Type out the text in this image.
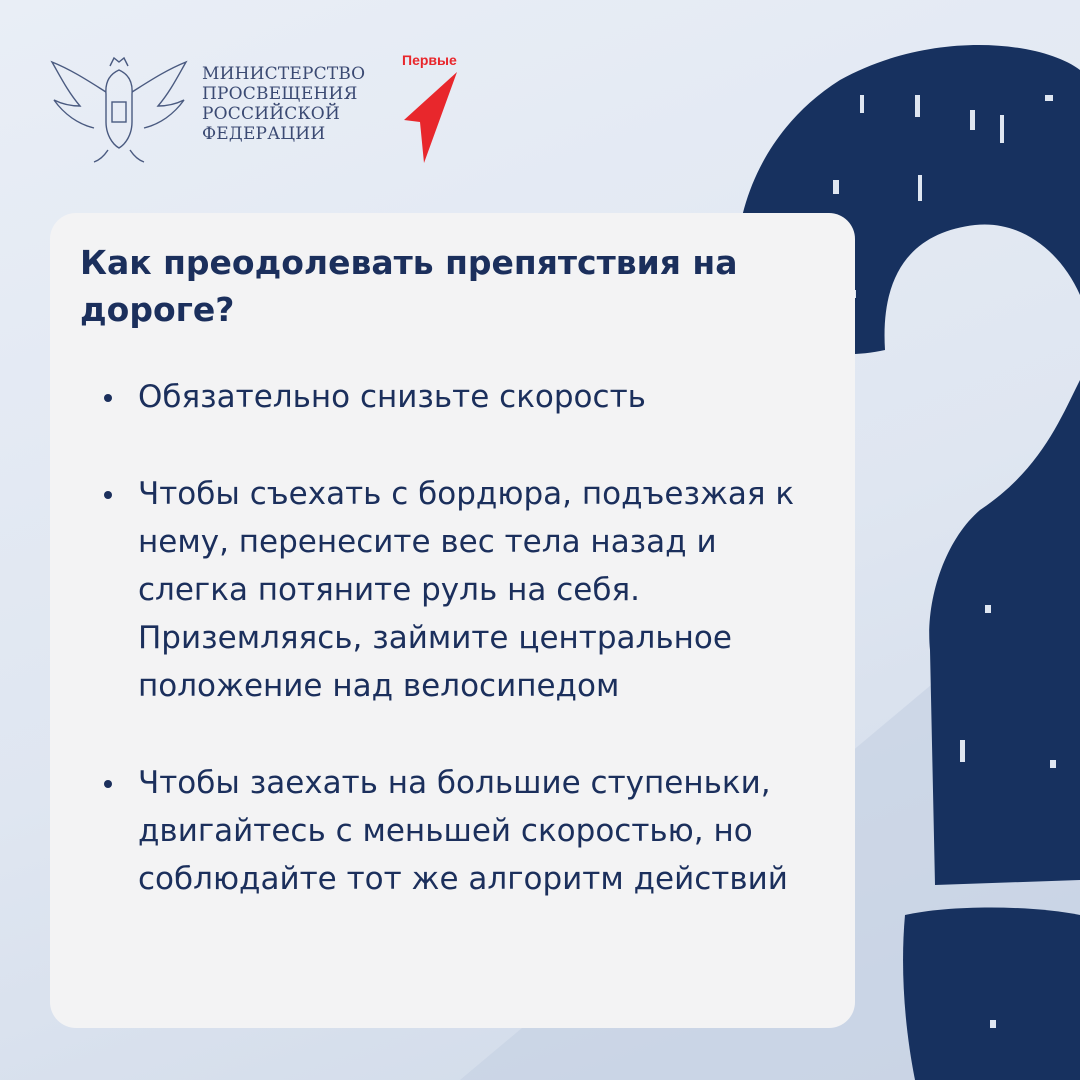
МИНИСТЕРСТВО
ПРОСВЕЩЕНИЯ
РОССИЙСКОЙ
ФЕДЕРАЦИИ
Первые
Как преодолевать препятствия на дороге?
Обязательно снизьте скорость
Чтобы съехать с бордюра, подъезжая к нему, перенесите вес тела назад и слегка потяните руль на себя. Приземляясь, займите центральное положение над велосипедом
Чтобы заехать на большие ступеньки, двигайтесь с меньшей скоростью, но соблюдайте тот же алгоритм действий
